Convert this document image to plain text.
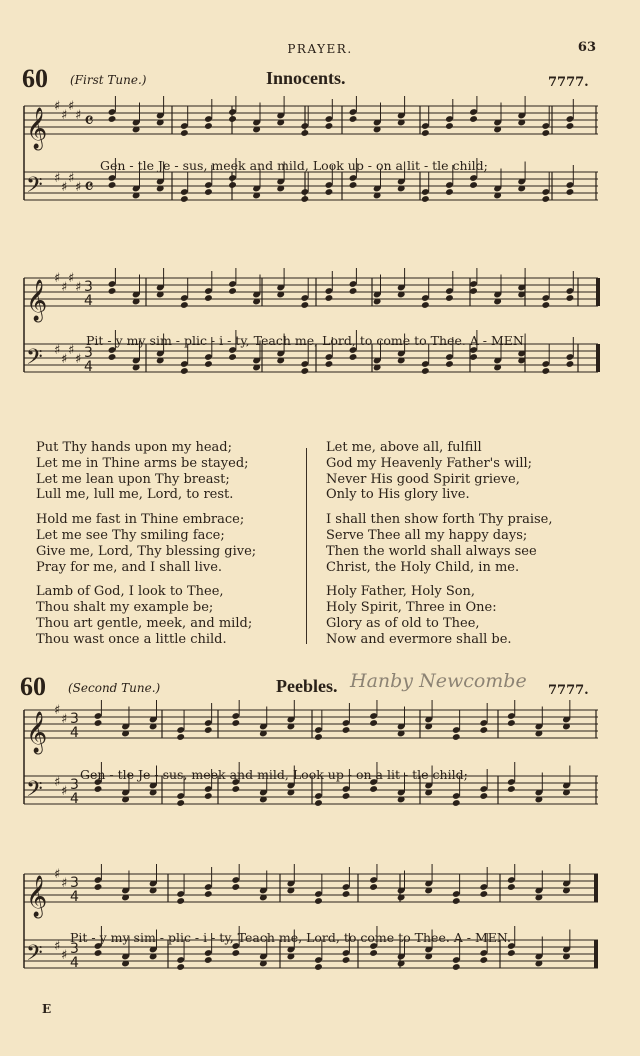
PRAYER.	63
60 (First Tune.)	Innocents.	7777.
𝄞
♯
♯
♯
♯ 𝄴
𝄢 ♯
♯
♯
♯ 𝄴
Gen - tle Je - sus, meek and mild, Look up - on a lit - tle child;
𝄞
♯
♯
♯
♯ 3
4
𝄢 ♯
♯
♯
♯ 3
4
Pit - y my sim - plic - i - ty, Teach me, Lord, to come to Thee. A - MEN.
Put Thy hands upon my head;
Let me in Thine arms be stayed;
Let me lean upon Thy breast;
Lull me, lull me, Lord, to rest.
Hold me fast in Thine embrace;
Let me see Thy smiling face;
Give me, Lord, Thy blessing give;
Pray for me, and I shall live.
Lamb of God, I look to Thee,
Thou shalt my example be;
Thou art gentle, meek, and mild;
Thou wast once a little child.
Let me, above all, fulfill
God my Heavenly Father's will;
Never His good Spirit grieve,
Only to His glory live.
I shall then show forth Thy praise,
Serve Thee all my happy days;
Then the world shall always see
Christ, the Holy Child, in me.
Holy Father, Holy Son,
Holy Spirit, Three in One:
Glory as of old to Thee,
Now and evermore shall be.
60 (Second Tune.)	Peebles. Hanby Newcombe 7777.
𝄞
♯
♯ 3
4
𝄢 ♯
♯ 3
4
Gen - tle Je - sus, meek and mild, Look up - on a lit - tle child;
𝄞
♯
♯ 3
4
𝄢 ♯
♯ 3
4
Pit - y my sim - plic - i - ty, Teach me, Lord, to come to Thee. A - MEN.
E
